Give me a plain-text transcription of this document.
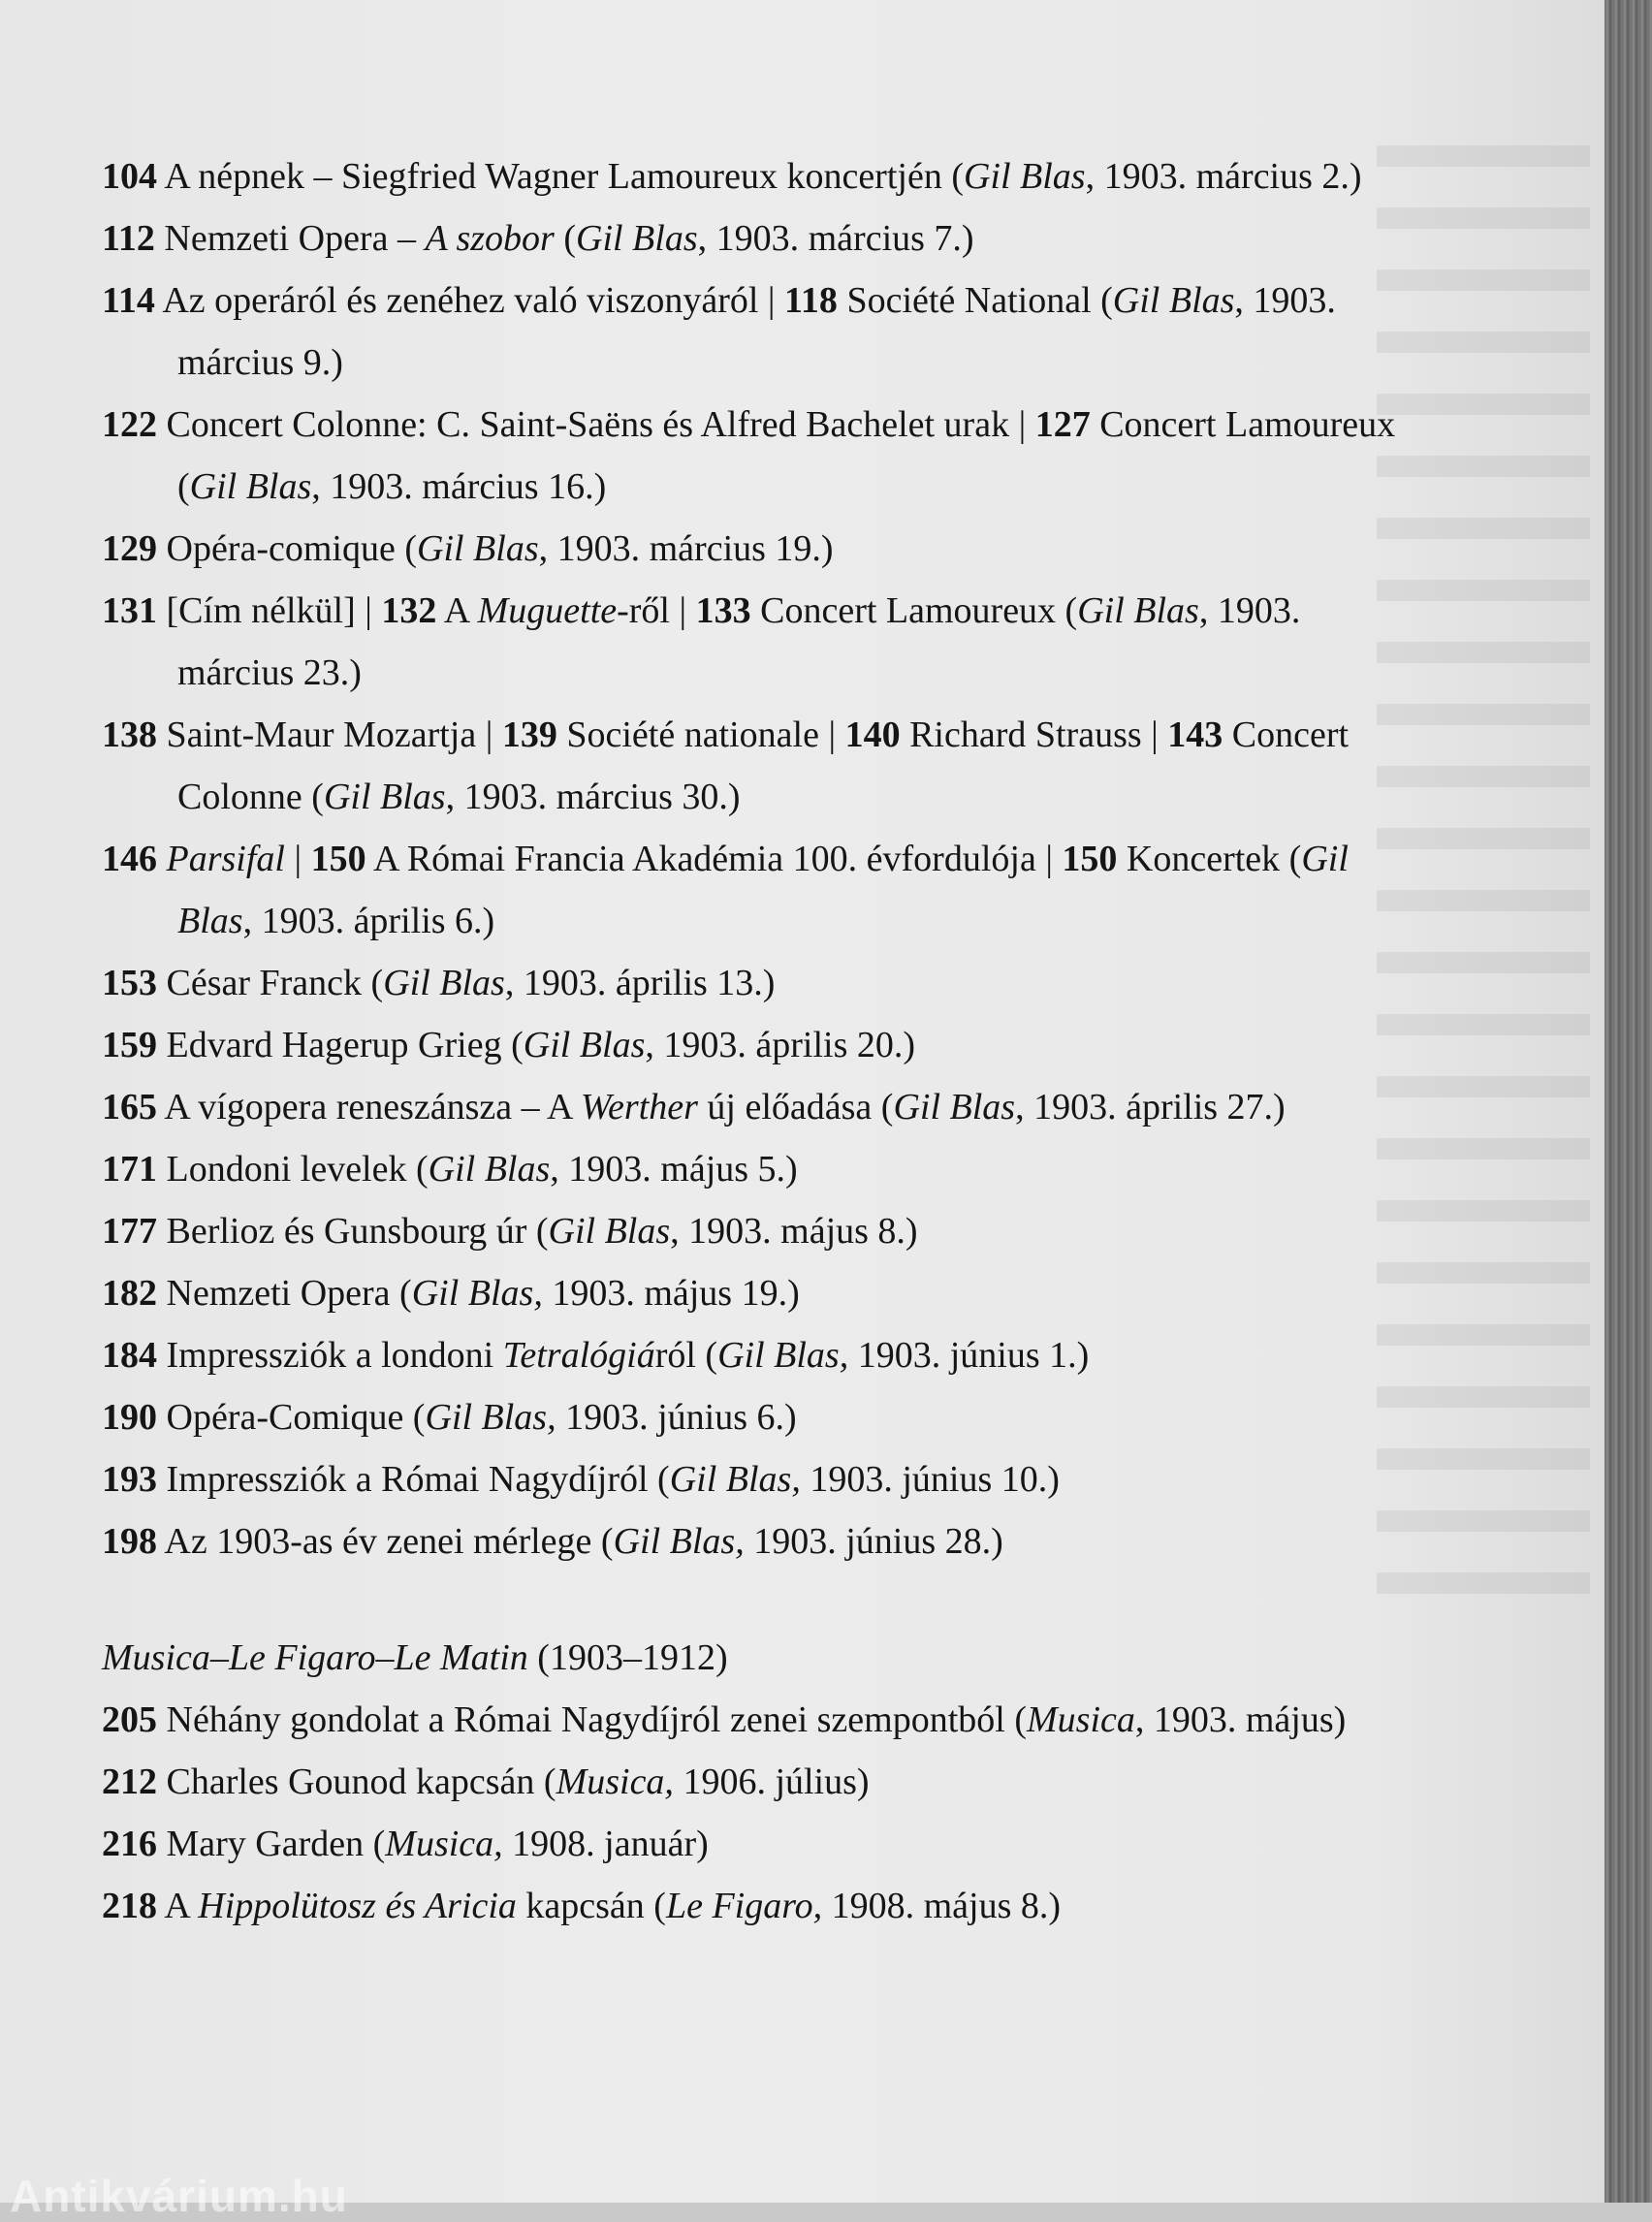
104 A népnek – Siegfried Wagner Lamoureux koncertjén (Gil Blas, 1903. március 2.)

112 Nemzeti Opera – A szobor (Gil Blas, 1903. március 7.)

114 Az operáról és zenéhez való viszonyáról | 118 Société National (Gil Blas, 1903. március 9.)

122 Concert Colonne: C. Saint-Saëns és Alfred Bachelet urak | 127 Concert Lamoureux (Gil Blas, 1903. március 16.)

129 Opéra-comique (Gil Blas, 1903. március 19.)

131 [Cím nélkül] | 132 A Muguette-ről | 133 Concert Lamoureux (Gil Blas, 1903. március 23.)

138 Saint-Maur Mozartja | 139 Société nationale | 140 Richard Strauss | 143 Concert Colonne (Gil Blas, 1903. március 30.)

146 Parsifal | 150 A Római Francia Akadémia 100. évfordulója | 150 Koncertek (Gil Blas, 1903. április 6.)

153 César Franck (Gil Blas, 1903. április 13.)

159 Edvard Hagerup Grieg (Gil Blas, 1903. április 20.)

165 A vígopera reneszánsza – A Werther új előadása (Gil Blas, 1903. április 27.)

171 Londoni levelek (Gil Blas, 1903. május 5.)

177 Berlioz és Gunsbourg úr (Gil Blas, 1903. május 8.)

182 Nemzeti Opera (Gil Blas, 1903. május 19.)

184 Impressziók a londoni Tetralógiáról (Gil Blas, 1903. június 1.)

190 Opéra-Comique (Gil Blas, 1903. június 6.)

193 Impressziók a Római Nagydíjról (Gil Blas, 1903. június 10.)

198 Az 1903-as év zenei mérlege (Gil Blas, 1903. június 28.)

Musica–Le Figaro–Le Matin (1903–1912)

205 Néhány gondolat a Római Nagydíjról zenei szempontból (Musica, 1903. május)

212 Charles Gounod kapcsán (Musica, 1906. július)

216 Mary Garden (Musica, 1908. január)

218 A Hippolütosz és Aricia kapcsán (Le Figaro, 1908. május 8.)

Antikvárium.hu
